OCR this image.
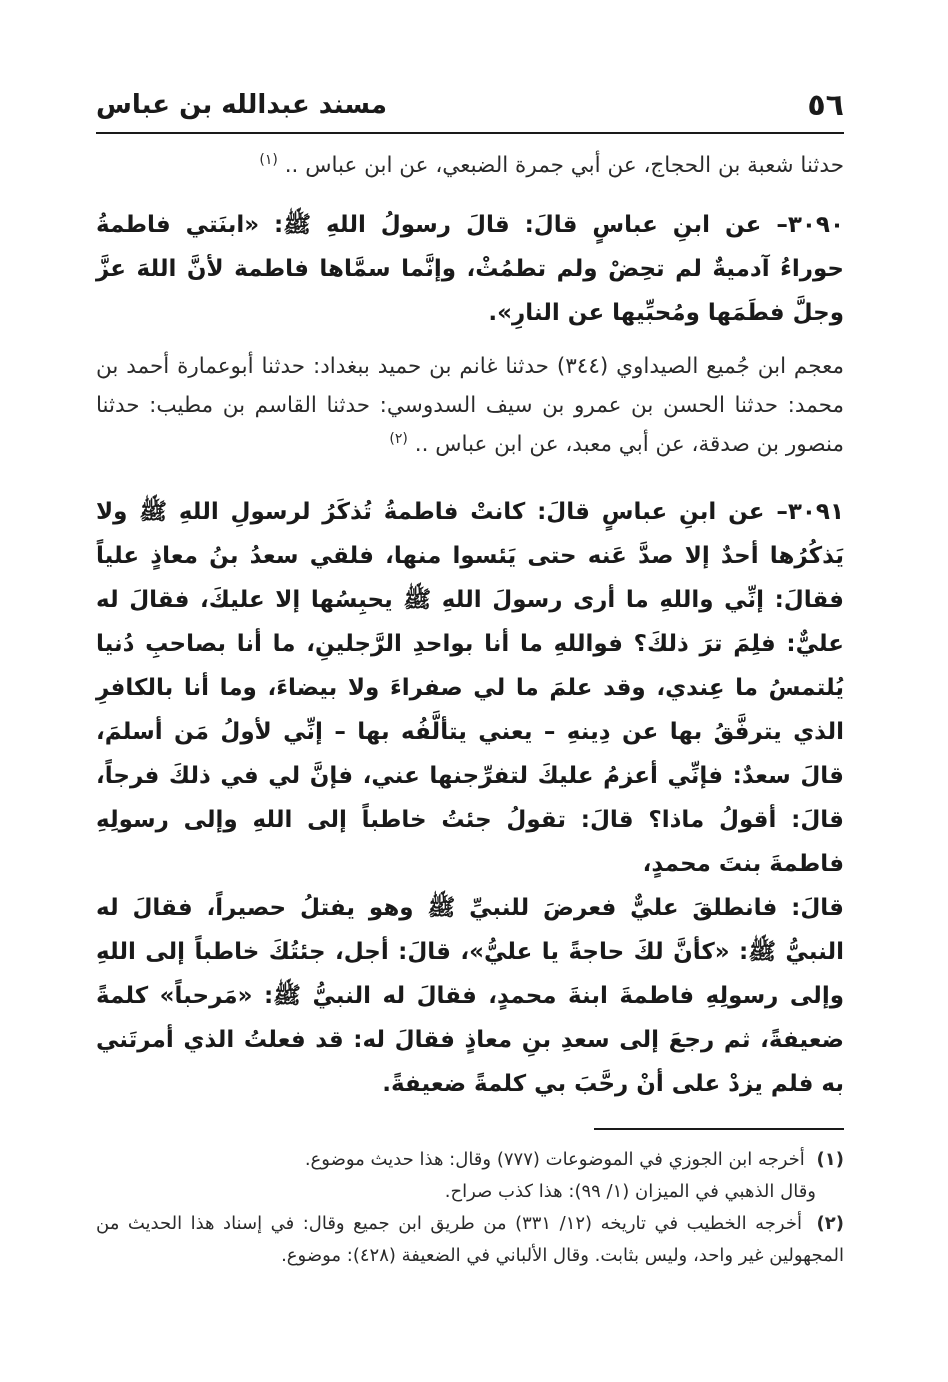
٥٦
مسند عبدالله بن عباس

حدثنا شعبة بن الحجاج، عن أبي جمرة الضبعي، عن ابن عباس .. $^{(١)}$

٣٠٩٠– عن ابنِ عباسٍ قالَ: قالَ رسولُ اللهِ ﷺ: «ابنَتي فاطمةُ حوراءُ آدميةٌ لم تحِضْ ولم تطمُثْ، وإنَّما سمَّاها فاطمة لأنَّ اللهَ عزَّ وجلَّ فطَمَها ومُحبِّيها عن النارِ».

معجم ابن جُميع الصيداوي (٣٤٤) حدثنا غانم بن حميد ببغداد: حدثنا أبوعمارة أحمد بن محمد: حدثنا الحسن بن عمرو بن سيف السدوسي: حدثنا القاسم بن مطيب: حدثنا منصور بن صدقة، عن أبي معبد، عن ابن عباس .. $^{(٢)}$

٣٠٩١– عن ابنِ عباسٍ قالَ: كانتْ فاطمةُ تُذكَرُ لرسولِ اللهِ ﷺ ولا يَذكُرُها أحدٌ إلا صدَّ عَنه حتى يَئسوا منها، فلقي سعدُ بنُ معاذٍ علياً فقالَ: إنِّي واللهِ ما أرى رسولَ اللهِ ﷺ يحبِسُها إلا عليكَ، فقالَ له عليٌّ: فلِمَ ترَ ذلكَ؟ فواللهِ ما أنا بواحدِ الرَّجلينِ، ما أنا بصاحبِ دُنيا يُلتمسُ ما عِندي، وقد علمَ ما لي صفراءَ ولا بيضاءَ، وما أنا بالكافرِ الذي يترفَّقُ بها عن دِينهِ – يعني يتألَّفُه بها – إنِّي لأولُ مَن أسلمَ، قالَ سعدٌ: فإنِّي أعزمُ عليكَ لتفرِّجنها عني، فإنَّ لي في ذلكَ فرجاً، قالَ: أقولُ ماذا؟ قالَ: تقولُ جئتُ خاطباً إلى اللهِ وإلى رسولِهِ فاطمةَ بنتَ محمدٍ،

قالَ: فانطلقَ عليٌّ فعرضَ للنبيِّ ﷺ وهو يفتلُ حصيراً، فقالَ له النبيُّ ﷺ: «كأنَّ لكَ حاجةً يا عليُّ»، قالَ: أجل، جئتُكَ خاطباً إلى اللهِ وإلى رسولِهِ فاطمةَ ابنةَ محمدٍ، فقالَ له النبيُّ ﷺ: «مَرحباً» كلمةً ضعيفةً، ثم رجعَ إلى سعدِ بنِ معاذٍ فقالَ له: قد فعلتُ الذي أمرتَني به فلم يزدْ على أنْ رحَّبَ بي كلمةً ضعيفةً.

(١) أخرجه ابن الجوزي في الموضوعات (٧٧٧) وقال: هذا حديث موضوع.

وقال الذهبي في الميزان (١/ ٩٩): هذا كذب صراح.

(٢) أخرجه الخطيب في تاريخه (١٢/ ٣٣١) من طريق ابن جميع وقال: في إسناد هذا الحديث من المجهولين غير واحد، وليس بثابت. وقال الألباني في الضعيفة (٤٢٨): موضوع.
